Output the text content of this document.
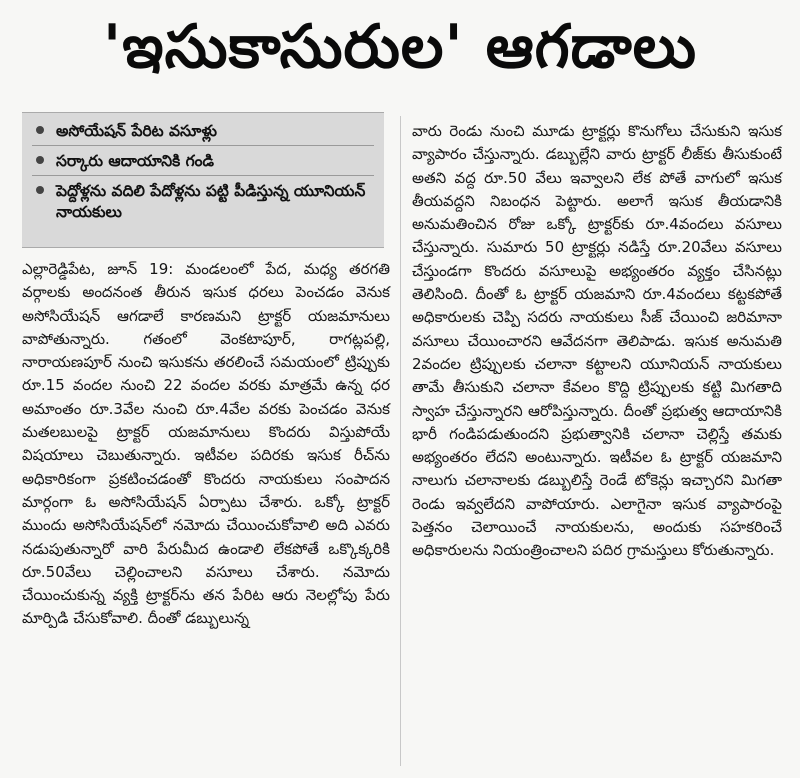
'ఇసుకాసురుల' ఆగడాలు
అసోయేషన్ పేరిట వసూళ్లు
సర్కారు ఆదాయానికి గండి
పెద్దోళ్లను వదిలి పేదోళ్లను పట్టి పీడిస్తున్న యూనియన్ నాయకులు

ఎల్లారెడ్డిపేట, జూన్ 19: మండలంలో పేద, మధ్య తరగతి వర్గాలకు అందనంత తీరున ఇసుక ధరలు పెంచడం వెనుక అసోసియేషన్ ఆగడాలే కారణమని ట్రాక్టర్ యజమానులు వాపోతున్నారు. గతంలో వెంకటాపూర్, రాగట్లపల్లి, నారాయణపూర్ నుంచి ఇసుకను తరలించే సమయంలో ట్రిప్పుకు రూ.15 వందల నుంచి 22 వందల వరకు మాత్రమే ఉన్న ధర అమాంతం రూ.3వేల నుంచి రూ.4వేల వరకు పెంచడం వెనుక మతలబులపై ట్రాక్టర్ యజమానులు కొందరు విస్తుపోయే విషయాలు చెబుతున్నారు. ఇటీవల పదిరకు ఇసుక రీచ్‌ను అధికారికంగా ప్రకటించడంతో కొందరు నాయకులు సంపాదన మార్గంగా ఓ అసోసియేషన్ ఏర్పాటు చేశారు. ఒక్కో ట్రాక్టర్ ముందు అసోసియేషన్‌లో నమోదు చేయించుకోవాలి అది ఎవరు నడుపుతున్నారో వారి పేరుమీద ఉండాలి లేకపోతే ఒక్కొక్కరికి రూ.50వేలు చెల్లించాలని వసూలు చేశారు. నమోదు చేయించుకున్న వ్యక్తి ట్రాక్టర్‌ను తన పేరిట ఆరు నెలల్లోపు పేరు మార్పిడి చేసుకోవాలి. దీంతో డబ్బులున్న

వారు రెండు నుంచి మూడు ట్రాక్టర్లు కొనుగోలు చేసుకుని ఇసుక వ్యాపారం చేస్తున్నారు. డబ్బుల్లేని వారు ట్రాక్టర్ లీజ్‌కు తీసుకుంటే అతని వద్ద రూ.50 వేలు ఇవ్వాలని లేక పోతే వాగులో ఇసుక తీయవద్దని నిబంధన పెట్టారు. అలాగే ఇసుక తీయడానికి అనుమతించిన రోజు ఒక్కో ట్రాక్టర్‌కు రూ.4వందలు వసూలు చేస్తున్నారు. సుమారు 50 ట్రాక్టర్లు నడిస్తే రూ.20వేలు వసూలు చేస్తుండగా కొందరు వసూలుపై అభ్యంతరం వ్యక్తం చేసినట్లు తెలిసింది. దీంతో ఓ ట్రాక్టర్ యజమాని రూ.4వందలు కట్టకపోతే అధికారులకు చెప్పి సదరు నాయకులు సీజ్ చేయించి జరిమానా వసూలు చేయించారని ఆవేదనగా తెలిపాడు. ఇసుక అనుమతి 2వందల ట్రిప్పులకు చలానా కట్టాలని యూనియన్ నాయకులు తామే తీసుకుని చలానా కేవలం కొద్ది ట్రిప్పులకు కట్టి మిగతాది స్వాహ చేస్తున్నారని ఆరోపిస్తున్నారు. దీంతో ప్రభుత్వ ఆదాయానికి భారీ గండిపడుతుందని ప్రభుత్వానికి చలానా చెల్లిస్తే తమకు అభ్యంతరం లేదని అంటున్నారు. ఇటీవల ఓ ట్రాక్టర్ యజమాని నాలుగు చలానాలకు డబ్బులిస్తే రెండే టోకెన్లు ఇచ్చారని మిగతా రెండు ఇవ్వలేదని వాపోయారు. ఎలాగైనా ఇసుక వ్యాపారంపై పెత్తనం చెలాయించే నాయకులను, అందుకు సహకరించే అధికారులను నియంత్రించాలని పదిర గ్రామస్తులు కోరుతున్నారు.
